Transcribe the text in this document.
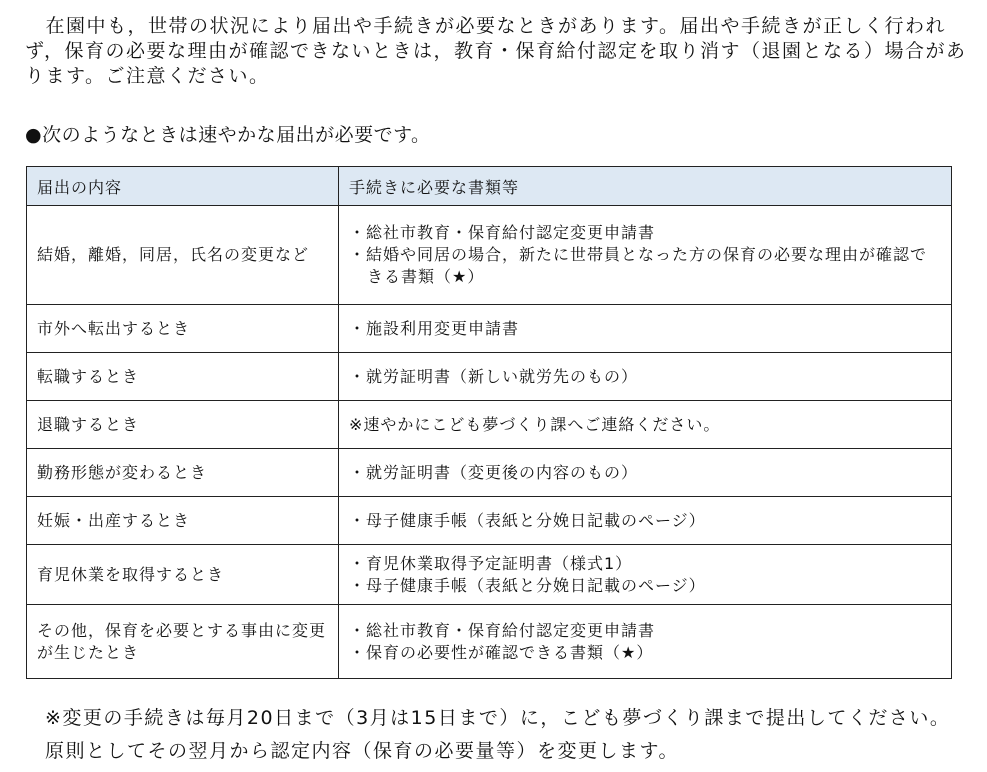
　在園中も，世帯の状況により届出や手続きが必要なときがあります。届出や手続きが正しく行われず，保育の必要な理由が確認できないときは，教育・保育給付認定を取り消す（退園となる）場合があります。ご注意ください。

●次のようなときは速やかな届出が必要です。

届出の内容	手続きに必要な書類等
結婚，離婚，同居，氏名の変更など	・総社市教育・保育給付認定変更申請書
・結婚や同居の場合，新たに世帯員となった方の保育の必要な理由が確認できる書類（★）

市外へ転出するとき	・施設利用変更申請書

転職するとき	・就労証明書（新しい就労先のもの）

退職するとき	※速やかにこども夢づくり課へご連絡ください。

勤務形態が変わるとき	・就労証明書（変更後の内容のもの）

妊娠・出産するとき	・母子健康手帳（表紙と分娩日記載のページ）

育児休業を取得するとき	・育児休業取得予定証明書（様式1）
・母子健康手帳（表紙と分娩日記載のページ）

その他，保育を必要とする事由に変更が生じたとき	・総社市教育・保育給付認定変更申請書
・保育の必要性が確認できる書類（★）

※変更の手続きは毎月20日まで（3月は15日まで）に，こども夢づくり課まで提出してください。原則としてその翌月から認定内容（保育の必要量等）を変更します。
